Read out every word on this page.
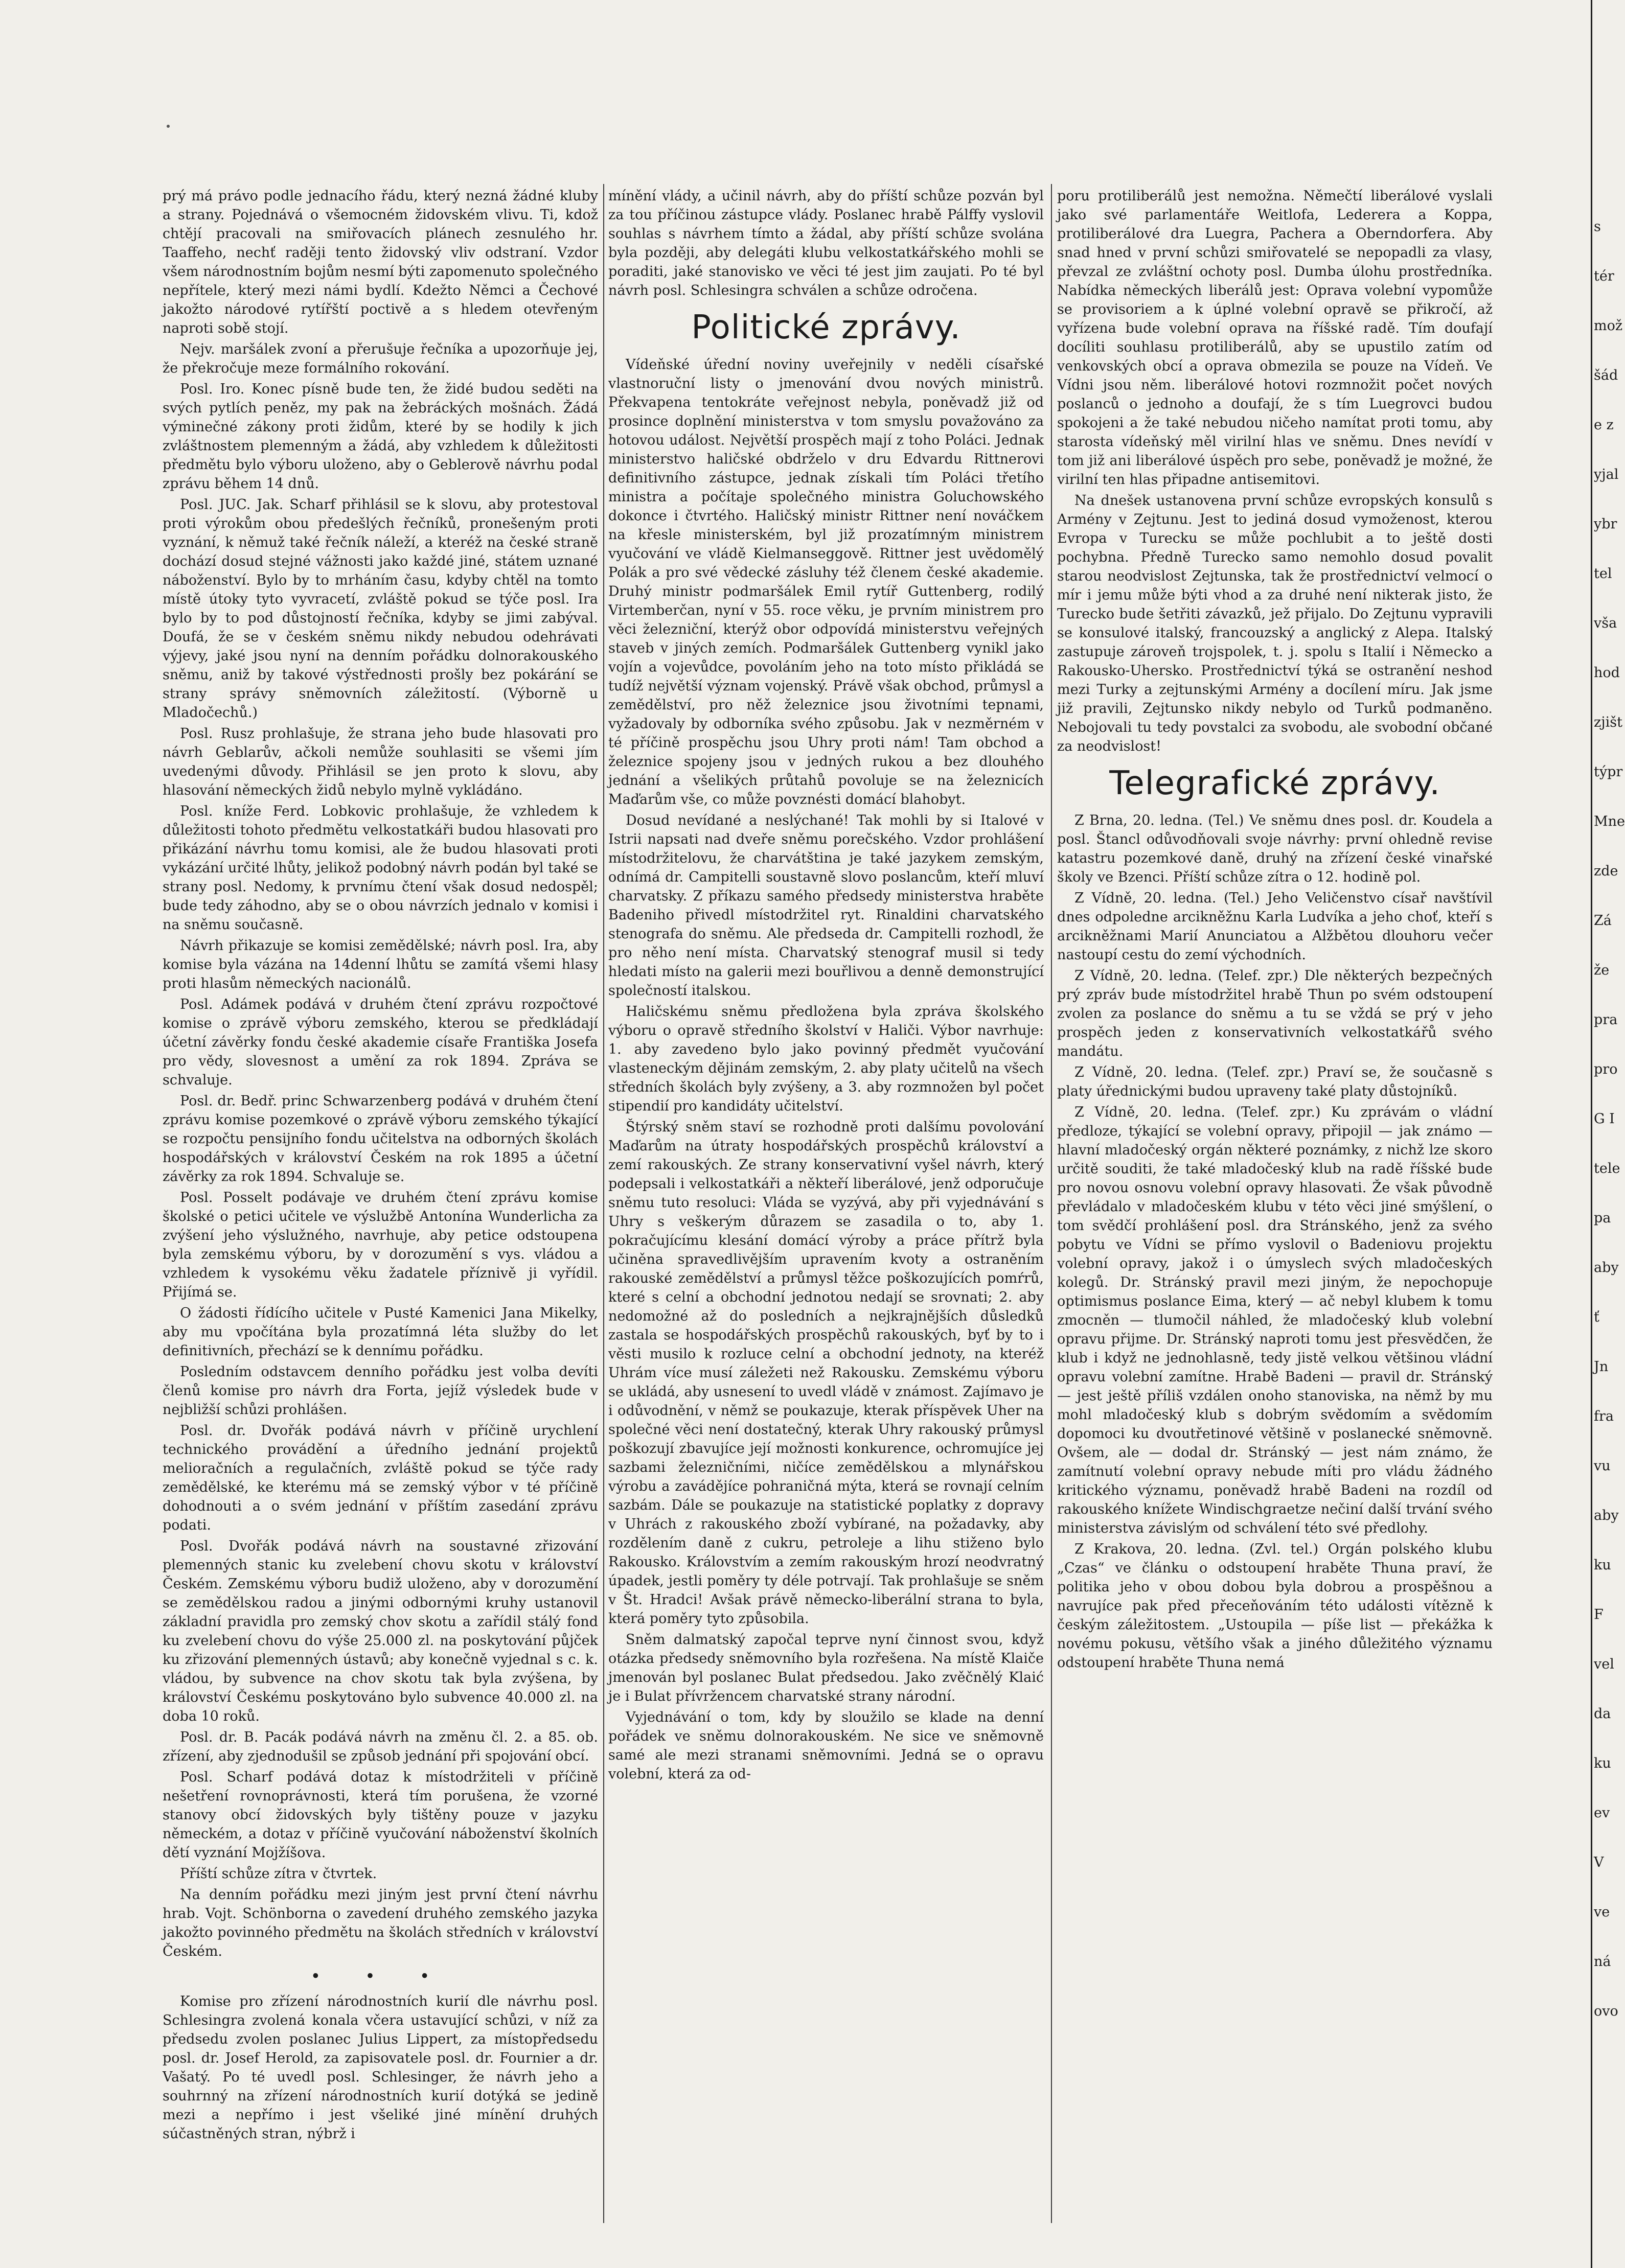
prý má právo podle jednacího řádu, který nezná žádné kluby a strany. Pojednává o všemocném židovském vlivu. Ti, kdož chtějí pracovali na smiřovacích plánech zesnulého hr. Taaffeho, nechť raději tento židovský vliv odstraní. Vzdor všem národnostním bojům nesmí býti zapomenuto společného nepřítele, který mezi námi bydlí. Kdežto Němci a Čechové jakožto národové rytířští poctivě a s hledem otevřeným naproti sobě stojí.

Nejv. maršálek zvoní a přerušuje řečníka a upozorňuje jej, že překročuje meze formálního rokování.

Posl. Iro. Konec písně bude ten, že židé budou seděti na svých pytlích peněz, my pak na žebráckých mošnách. Žádá výminečné zákony proti židům, které by se hodily k jich zvláštnostem plemenným a žádá, aby vzhledem k důležitosti předmětu bylo výboru uloženo, aby o Geblerově návrhu podal zprávu během 14 dnů.

Posl. JUC. Jak. Scharf přihlásil se k slovu, aby protestoval proti výrokům obou předešlých řečníků, pronešeným proti vyznání, k němuž také řečník náleží, a kteréž na české straně dochází dosud stejné vážnosti jako každé jiné, státem uznané náboženství. Bylo by to mrháním času, kdyby chtěl na tomto místě útoky tyto vyvracetí, zvláště pokud se týče posl. Ira bylo by to pod důstojností řečníka, kdyby se jimi zabýval. Doufá, že se v českém sněmu nikdy nebudou odehrávati výjevy, jaké jsou nyní na denním pořádku dolnorakouského sněmu, aniž by takové výstřednosti prošly bez pokárání se strany správy sněmovních záležitostí. (Výborně u Mladočechů.)

Posl. Rusz prohlašuje, že strana jeho bude hlasovati pro návrh Geblarův, ačkoli nemůže souhlasiti se všemi jím uvedenými důvody. Přihlásil se jen proto k slovu, aby hlasování německých židů nebylo mylně vykládáno.

Posl. kníže Ferd. Lobkovic prohlašuje, že vzhledem k důležitosti tohoto předmětu velkostatkáři budou hlasovati pro přikázání návrhu tomu komisi, ale že budou hlasovati proti vykázání určité lhůty, jelikož podobný návrh podán byl také se strany posl. Nedomy, k prvnímu čtení však dosud nedospěl; bude tedy záhodno, aby se o obou návrzích jednalo v komisi i na sněmu současně.

Návrh přikazuje se komisi zemědělské; návrh posl. Ira, aby komise byla vázána na 14denní lhůtu se zamítá všemi hlasy proti hlasům německých nacionálů.

Posl. Adámek podává v druhém čtení zprávu rozpočtové komise o zprávě výboru zemského, kterou se předkládají účetní závěrky fondu české akademie císaře Františka Josefa pro vědy, slovesnost a umění za rok 1894. Zpráva se schvaluje.

Posl. dr. Bedř. princ Schwarzenberg podává v druhém čtení zprávu komise pozemkové o zprávě výboru zemského týkající se rozpočtu pensijního fondu učitelstva na odborných školách hospodářských v království Českém na rok 1895 a účetní závěrky za rok 1894. Schvaluje se.

Posl. Posselt podávaje ve druhém čtení zprávu komise školské o petici učitele ve výslužbě Antonína Wunderlicha za zvýšení jeho výslužného, navrhuje, aby petice odstoupena byla zemskému výboru, by v dorozumění s vys. vládou a vzhledem k vysokému věku žadatele příznivě ji vyřídil. Přijímá se.

O žádosti řídícího učitele v Pusté Kamenici Jana Mikelky, aby mu vpočítána byla prozatímná léta služby do let definitivních, přechází se k dennímu pořádku.

Posledním odstavcem denního pořádku jest volba devíti členů komise pro návrh dra Forta, jejíž výsledek bude v nejbližší schůzi prohlášen.

Posl. dr. Dvořák podává návrh v příčině urychlení technického provádění a úředního jednání projektů melioračních a regulačních, zvláště pokud se týče rady zemědělské, ke kterému má se zemský výbor v té příčině dohodnouti a o svém jednání v příštím zasedání zprávu podati.

Posl. Dvořák podává návrh na soustavné zřizování plemenných stanic ku zvelebení chovu skotu v království Českém. Zemskému výboru budiž uloženo, aby v dorozumění se zemědělskou radou a jinými odbornými kruhy ustanovil základní pravidla pro zemský chov skotu a zařídil stálý fond ku zvelebení chovu do výše 25.000 zl. na poskytování půjček ku zřizování plemenných ústavů; aby konečně vyjednal s c. k. vládou, by subvence na chov skotu tak byla zvýšena, by království Českému poskytováno bylo subvence 40.000 zl. na doba 10 roků.

Posl. dr. B. Pacák podává návrh na změnu čl. 2. a 85. ob. zřízení, aby zjednodušil se způsob jednání při spojování obcí.

Posl. Scharf podává dotaz k místodržiteli v příčině nešetření rovnoprávnosti, která tím porušena, že vzorné stanovy obcí židovských byly tištěny pouze v jazyku německém, a dotaz v příčině vyučování náboženství školních dětí vyznání Mojžíšova.

Příští schůze zítra v čtvrtek.

Na denním pořádku mezi jiným jest první čtení návrhu hrab. Vojt. Schönborna o zavedení druhého zemského jazyka jakožto povinného předmětu na školách středních v království Českém.

• • •

Komise pro zřízení národnostních kurií dle návrhu posl. Schlesingra zvolená konala včera ustavující schůzi, v níž za předsedu zvolen poslanec Julius Lippert, za místopředsedu posl. dr. Josef Herold, za zapisovatele posl. dr. Fournier a dr. Vašatý. Po té uvedl posl. Schlesinger, že návrh jeho a souhrnný na zřízení národnostních kurií dotýká se jedině mezi a nepřímo i jest všeliké jiné mínění druhých súčastněných stran, nýbrž i

mínění vlády, a učinil návrh, aby do příští schůze pozván byl za tou příčinou zástupce vlády. Poslanec hrabě Pálffy vyslovil souhlas s návrhem tímto a žádal, aby příští schůze svolána byla později, aby delegáti klubu velkostatkářského mohli se poraditi, jaké stanovisko ve věci té jest jim zaujati. Po té byl návrh posl. Schlesingra schválen a schůze odročena.

Politické zprávy.

Vídeňské úřední noviny uveřejnily v neděli císařské vlastnoruční listy o jmenování dvou nových ministrů. Překvapena tentokráte veřejnost nebyla, poněvadž již od prosince doplnění ministerstva v tom smyslu považováno za hotovou událost. Největší prospěch mají z toho Poláci. Jednak ministerstvo haličské obdrželo v dru Edvardu Rittnerovi definitivního zástupce, jednak získali tím Poláci třetího ministra a počítaje společného ministra Goluchowského dokonce i čtvrtého. Haličský ministr Rittner není nováčkem na křesle ministerském, byl již prozatímným ministrem vyučování ve vládě Kielmanseggově. Rittner jest uvědomělý Polák a pro své vědecké zásluhy též členem české akademie. Druhý ministr podmaršálek Emil rytíř Guttenberg, rodilý Virtemberčan, nyní v 55. roce věku, je prvním ministrem pro věci železniční, kterýž obor odpovídá ministerstvu veřejných staveb v jiných zemích. Podmaršálek Guttenberg vynikl jako vojín a vojevůdce, povoláním jeho na toto místo přikládá se tudíž největší význam vojenský. Právě však obchod, průmysl a zemědělství, pro něž železnice jsou životními tepnami, vyžadovaly by odborníka svého způsobu. Jak v nezměrném v té příčině prospěchu jsou Uhry proti nám! Tam obchod a železnice spojeny jsou v jedných rukou a bez dlouhého jednání a všelikých průtahů povoluje se na železnicích Maďarům vše, co může povznésti domácí blahobyt.

Dosud nevídané a neslýchané! Tak mohli by si Italové v Istrii napsati nad dveře sněmu porečského. Vzdor prohlášení místodržitelovu, že charvátština je také jazykem zemským, odnímá dr. Campitelli soustavně slovo poslancům, kteří mluví charvatsky. Z příkazu samého předsedy ministerstva hraběte Badeniho přivedl místodržitel ryt. Rinaldini charvatského stenografa do sněmu. Ale předseda dr. Campitelli rozhodl, že pro něho není místa. Charvatský stenograf musil si tedy hledati místo na galerii mezi bouřlivou a denně demonstrující společností italskou.

Haličskému sněmu předložena byla zpráva školského výboru o opravě středního školství v Haliči. Výbor navrhuje: 1. aby zavedeno bylo jako povinný předmět vyučování vlasteneckým dějinám zemským, 2. aby platy učitelů na všech středních školách byly zvýšeny, a 3. aby rozmnožen byl počet stipendií pro kandidáty učitelství.

Štýrský sněm staví se rozhodně proti dalšímu povolování Maďarům na útraty hospodářských prospěchů království a zemí rakouských. Ze strany konservativní vyšel návrh, který podepsali i velkostatkáři a někteří liberálové, jenž odporučuje sněmu tuto resoluci: Vláda se vyzývá, aby při vyjednávání s Uhry s veškerým důrazem se zasadila o to, aby 1. pokračujícímu klesání domácí výroby a práce přítrž byla učiněna spravedlivějším upravením kvoty a ostraněním rakouské zemědělství a průmysl těžce poškozujících pomŕrů, které s celní a obchodní jednotou nedají se srovnati; 2. aby nedomožné až do posledních a nejkrajnějších důsledků zastala se hospodářských prospěchů rakouských, byť by to i věsti musilo k rozluce celní a obchodní jednoty, na kteréž Uhrám více musí záležeti než Rakousku. Zemskému výboru se ukládá, aby usnesení to uvedl vládě v známost. Zajímavo je i odůvodnění, v němž se poukazuje, kterak příspěvek Uher na společné věci není dostatečný, kterak Uhry rakouský průmysl poškozují zbavujíce její možnosti konkurence, ochromujíce jej sazbami železničními, ničíce zemědělskou a mlynářskou výrobu a zavádějíce pohraničná mýta, která se rovnají celním sazbám. Dále se poukazuje na statistické poplatky z dopravy v Uhrách z rakouského zboží vybírané, na požadavky, aby rozdělením daně z cukru, petroleje a lihu stiženo bylo Rakousko. Královstvím a zemím rakouským hrozí neodvratný úpadek, jestli poměry ty déle potrvají. Tak prohlašuje se sněm v Št. Hradci! Avšak právě německo-liberální strana to byla, která poměry tyto způsobila.

Sněm dalmatský započal teprve nyní činnost svou, když otázka předsedy sněmovního byla rozřešena. Na místě Klaiče jmenován byl poslanec Bulat předsedou. Jako zvěčnělý Klaić je i Bulat přívržencem charvatské strany národní.

Vyjednávání o tom, kdy by sloužilo se klade na denní pořádek ve sněmu dolnorakouském. Ne sice ve sněmovně samé ale mezi stranami sněmovními. Jedná se o opravu volební, která za od-

poru protiliberálů jest nemožna. Němečtí liberálové vyslali jako své parlamentáře Weitlofa, Lederera a Koppa, protiliberálové dra Luegra, Pachera a Oberndorfera. Aby snad hned v první schůzi smiřovatelé se nepopadli za vlasy, převzal ze zvláštní ochoty posl. Dumba úlohu prostředníka. Nabídka německých liberálů jest: Oprava volební vypomůže se provisoriem a k úplné volební opravě se přikročí, až vyřízena bude volební oprava na říšské radě. Tím doufají docíliti souhlasu protiliberálů, aby se upustilo zatím od venkovských obcí a oprava obmezila se pouze na Vídeň. Ve Vídni jsou něm. liberálové hotovi rozmnožit počet nových poslanců o jednoho a doufají, že s tím Luegrovci budou spokojeni a že také nebudou ničeho namítat proti tomu, aby starosta vídeňský měl virilní hlas ve sněmu. Dnes nevídí v tom již ani liberálové úspěch pro sebe, poněvadž je možné, že virilní ten hlas připadne antisemitovi.

Na dnešek ustanovena první schůze evropských konsulů s Armény v Zejtunu. Jest to jediná dosud vymoženost, kterou Evropa v Turecku se může pochlubit a to ještě dosti pochybna. Předně Turecko samo nemohlo dosud povalit starou neodvislost Zejtunska, tak že prostřednictví velmocí o mír i jemu může býti vhod a za druhé není nikterak jisto, že Turecko bude šetřiti závazků, jež přijalo. Do Zejtunu vypravili se konsulové italský, francouzský a anglický z Alepa. Italský zastupuje zároveň trojspolek, t. j. spolu s Italií i Německo a Rakousko-Uhersko. Prostřednictví týká se ostranění neshod mezi Turky a zejtunskými Armény a docílení míru. Jak jsme již pravili, Zejtunsko nikdy nebylo od Turků podmaněno. Nebojovali tu tedy povstalci za svobodu, ale svobodní občané za neodvislost!

Telegrafické zprávy.

Z Brna, 20. ledna. (Tel.) Ve sněmu dnes posl. dr. Koudela a posl. Štancl odůvodňovali svoje návrhy: první ohledně revise katastru pozemkové daně, druhý na zřízení české vinařské školy ve Bzenci. Příští schůze zítra o 12. hodině pol.

Z Vídně, 20. ledna. (Tel.) Jeho Veličenstvo císař navštívil dnes odpoledne arcikněžnu Karla Ludvíka a jeho choť, kteří s arcikněžnami Marií Anunciatou a Alžbětou dlouhoru večer nastoupí cestu do zemí východních.

Z Vídně, 20. ledna. (Telef. zpr.) Dle některých bezpečných prý zpráv bude místodržitel hrabě Thun po svém odstoupení zvolen za poslance do sněmu a tu se vždá se prý v jeho prospěch jeden z konservativních velkostatkářů svého mandátu.

Z Vídně, 20. ledna. (Telef. zpr.) Praví se, že současně s platy úřednickými budou upraveny také platy důstojníků.

Z Vídně, 20. ledna. (Telef. zpr.) Ku zprávám o vládní předloze, týkající se volební opravy, připojil — jak známo — hlavní mladočeský orgán některé poznámky, z nichž lze skoro určitě souditi, že také mladočeský klub na radě říšské bude pro novou osnovu volební opravy hlasovati. Že však původně převládalo v mladočeském klubu v této věci jiné smýšlení, o tom svědčí prohlášení posl. dra Stránského, jenž za svého pobytu ve Vídni se přímo vyslovil o Badeniovu projektu volební opravy, jakož i o úmyslech svých mladočeských kolegů. Dr. Stránský pravil mezi jiným, že nepochopuje optimismus poslance Eima, který — ač nebyl klubem k tomu zmocněn — tlumočil náhled, že mladočeský klub volební opravu přijme. Dr. Stránský naproti tomu jest přesvědčen, že klub i když ne jednohlasně, tedy jistě velkou většinou vládní opravu volební zamítne. Hrabě Badeni — pravil dr. Stránský — jest ještě příliš vzdálen onoho stanoviska, na němž by mu mohl mladočeský klub s dobrým svědomím a svědomím dopomoci ku dvoutřetinové většině v poslanecké sněmovně. Ovšem, ale — dodal dr. Stránský — jest nám známo, že zamítnutí volební opravy nebude míti pro vládu žádného kritického významu, poněvadž hrabě Badeni na rozdíl od rakouského knížete Windischgraetze nečiní další trvání svého ministerstva závislým od schválení této své předlohy.

Z Krakova, 20. ledna. (Zvl. tel.) Orgán polského klubu „Czas“ ve článku o odstoupení hraběte Thuna praví, že politika jeho v obou dobou byla dobrou a prospěšnou a navrujíce pak před přeceňováním této události vítězně k českým záležitostem. „Ustoupila — píše list — překážka k novému pokusu, většího však a jiného důležitého významu odstoupení hraběte Thuna nemá

s
tér
mož
šád
e z
yjal
ybr
tel
vša
hod
zjišt
týpr
Mne
zde
Zá
že
pra
pro
G I
tele
pa
aby
ť
Jn
fra
vu
aby
ku
F
vel
da
ku
ev
V
ve
ná
ovo
